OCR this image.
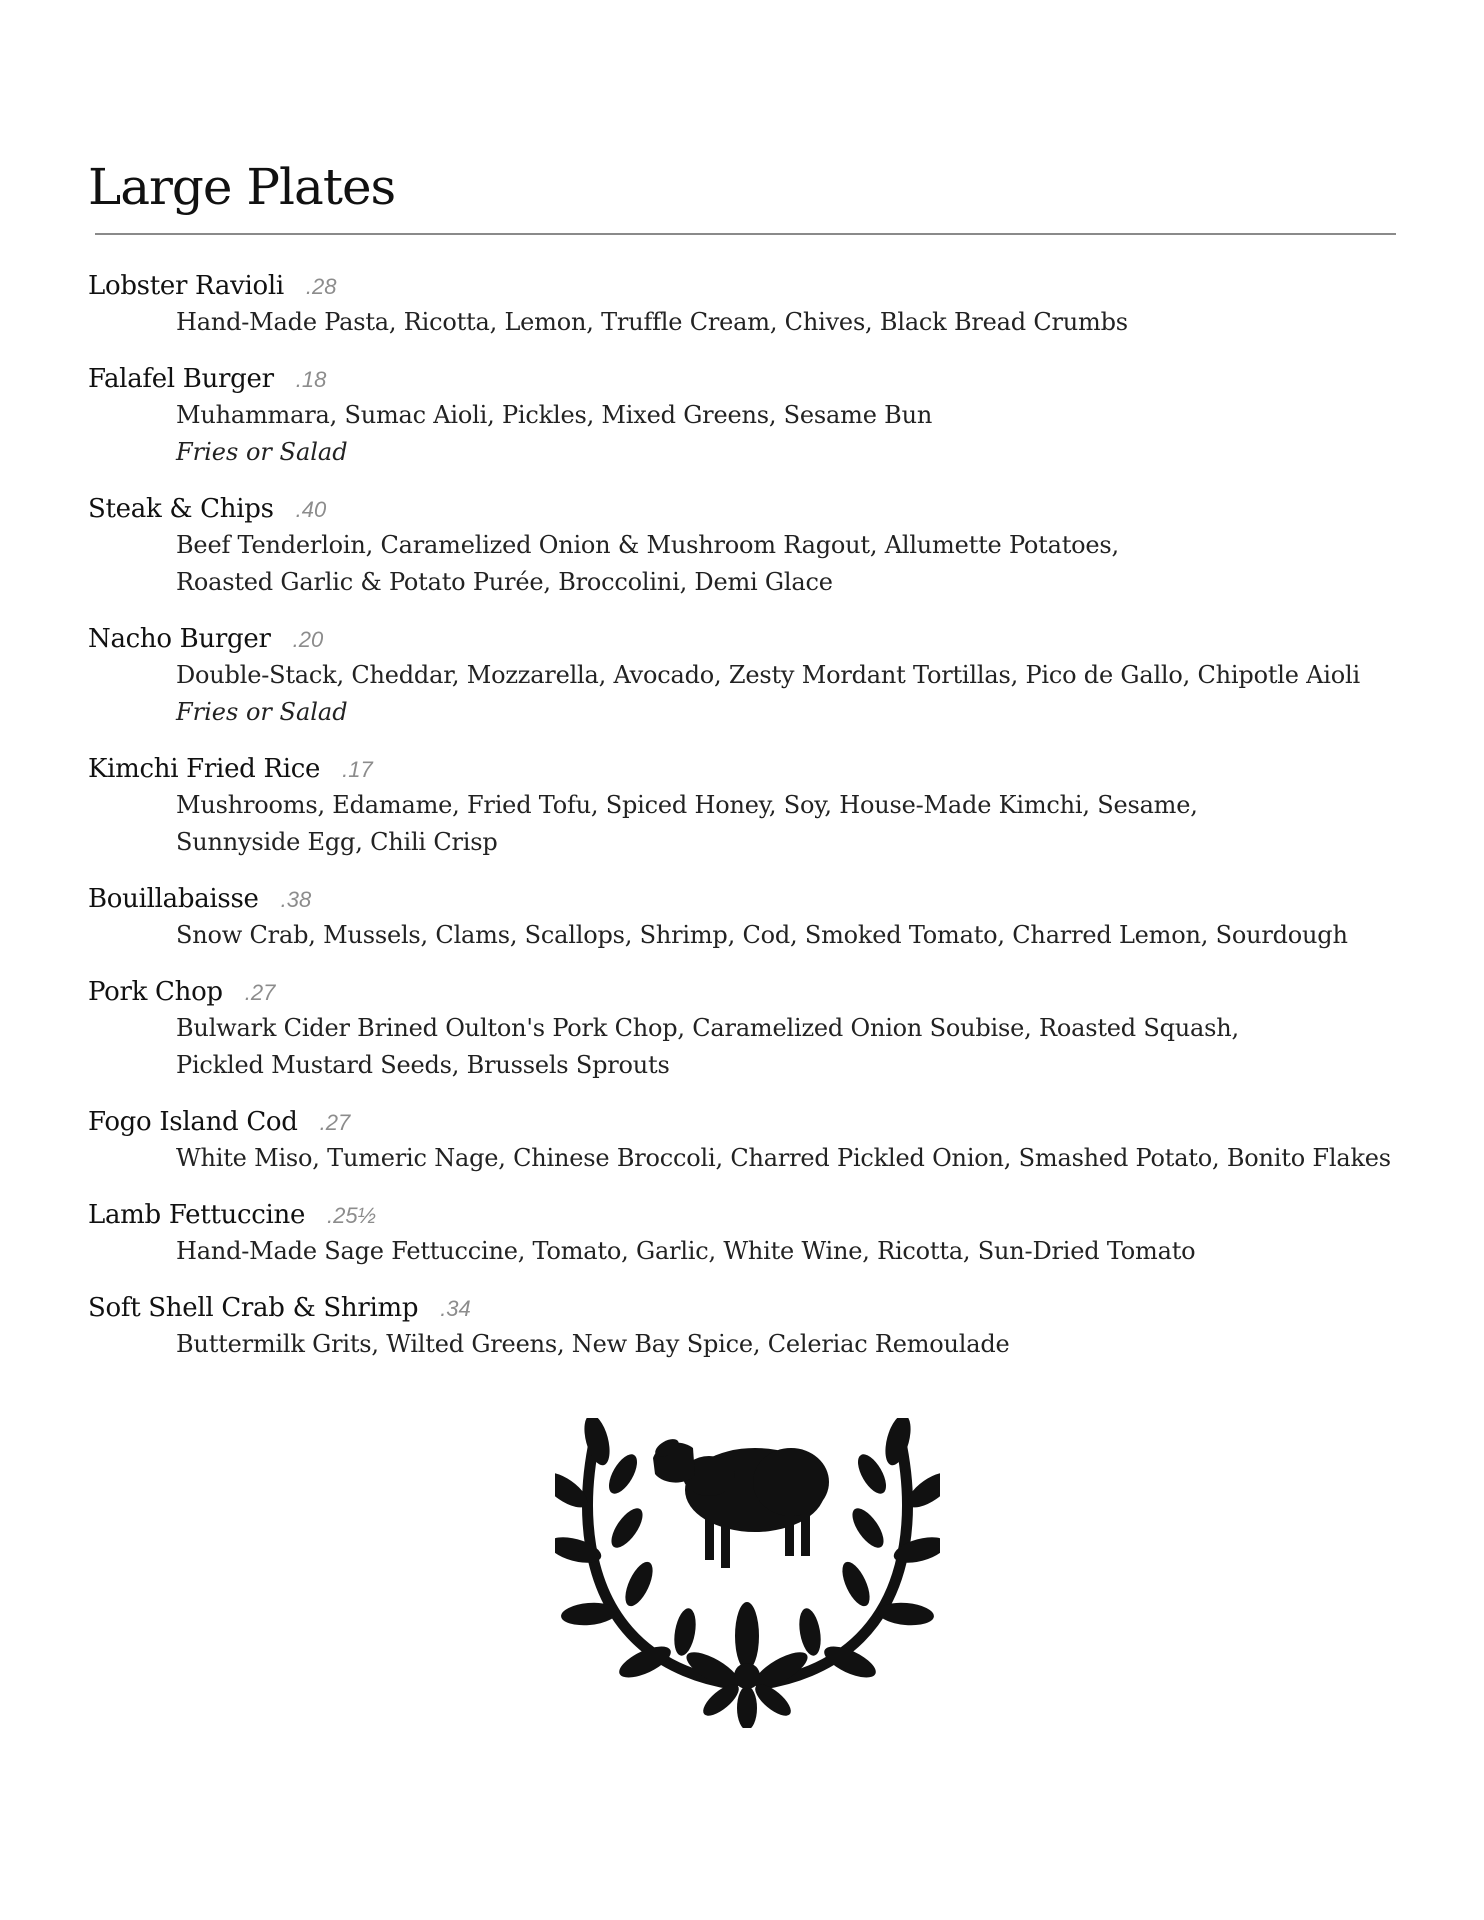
Large Plates
Lobster Ravioli .28
Hand-Made Pasta, Ricotta, Lemon, Truffle Cream, Chives, Black Bread Crumbs
Falafel Burger .18
Muhammara, Sumac Aioli, Pickles, Mixed Greens, Sesame Bun
Fries or Salad
Steak & Chips .40
Beef Tenderloin, Caramelized Onion & Mushroom Ragout, Allumette Potatoes,
Roasted Garlic & Potato Purée, Broccolini, Demi Glace
Nacho Burger .20
Double-Stack, Cheddar, Mozzarella, Avocado, Zesty Mordant Tortillas, Pico de Gallo, Chipotle Aioli
Fries or Salad
Kimchi Fried Rice .17
Mushrooms, Edamame, Fried Tofu, Spiced Honey, Soy, House-Made Kimchi, Sesame,
Sunnyside Egg, Chili Crisp
Bouillabaisse .38
Snow Crab, Mussels, Clams, Scallops, Shrimp, Cod, Smoked Tomato, Charred Lemon, Sourdough
Pork Chop .27
Bulwark Cider Brined Oulton's Pork Chop, Caramelized Onion Soubise, Roasted Squash,
Pickled Mustard Seeds, Brussels Sprouts
Fogo Island Cod .27
White Miso, Tumeric Nage, Chinese Broccoli, Charred Pickled Onion, Smashed Potato, Bonito Flakes
Lamb Fettuccine .25½
Hand-Made Sage Fettuccine, Tomato, Garlic, White Wine, Ricotta, Sun-Dried Tomato
Soft Shell Crab & Shrimp .34
Buttermilk Grits, Wilted Greens, New Bay Spice, Celeriac Remoulade
